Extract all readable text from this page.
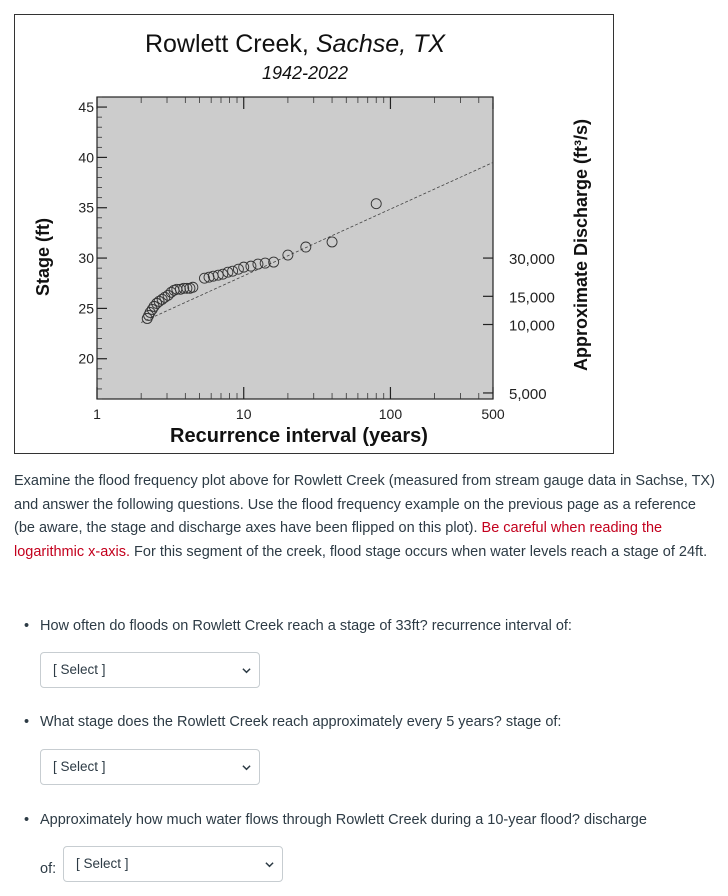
20
25
30
35
40
45
1	10	100	500
30,000
15,000
10,000
5,000
Rowlett Creek, Sachse, TX
1942-2022
Recurrence interval (years)
Stage (ft)	Approximate Discharge (ft³/s)

Examine the flood frequency plot above for Rowlett Creek (measured from stream gauge data in Sachse, TX) and answer the following questions. Use the flood frequency example on the previous page as a reference (be aware, the stage and discharge axes have been flipped on this plot). Be careful when reading the logarithmic x-axis. For this segment of the creek, flood stage occurs when water levels reach a stage of 24ft.

• How often do floods on Rowlett Creek reach a stage of 33ft? recurrence interval of:
• What stage does the Rowlett Creek reach approximately every 5 years? stage of:
• Approximately how much water flows through Rowlett Creek during a 10-year flood? discharge
[ Select ]
[ Select ]
of: [ Select ]
